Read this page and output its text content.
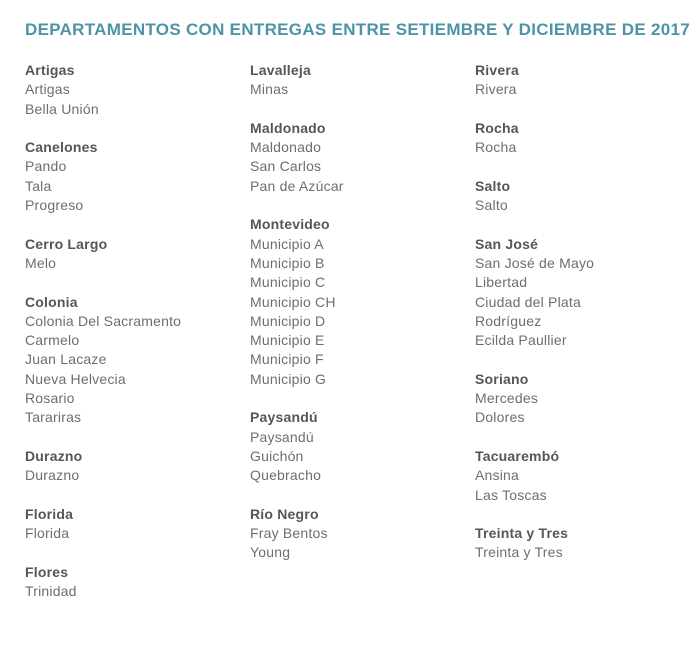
DEPARTAMENTOS CON ENTREGAS ENTRE SETIEMBRE Y DICIEMBRE DE 2017
Artigas
Artigas
Bella Unión
Canelones
Pando
Tala
Progreso
Cerro Largo
Melo
Colonia
Colonia Del Sacramento
Carmelo
Juan Lacaze
Nueva Helvecia
Rosario
Tarariras
Durazno
Durazno
Florida
Florida
Flores
Trinidad
Lavalleja
Minas
Maldonado
Maldonado
San Carlos
Pan de Azúcar
Montevideo
Municipio A
Municipio B
Municipio C
Municipio CH
Municipio D
Municipio E
Municipio F
Municipio G
Paysandú
Paysandú
Guichón
Quebracho
Río Negro
Fray Bentos
Young
Rivera
Rivera
Rocha
Rocha
Salto
Salto
San José
San José de Mayo
Libertad
Ciudad del Plata
Rodríguez
Ecilda Paullier
Soriano
Mercedes
Dolores
Tacuarembó
Ansina
Las Toscas
Treinta y Tres
Treinta y Tres
